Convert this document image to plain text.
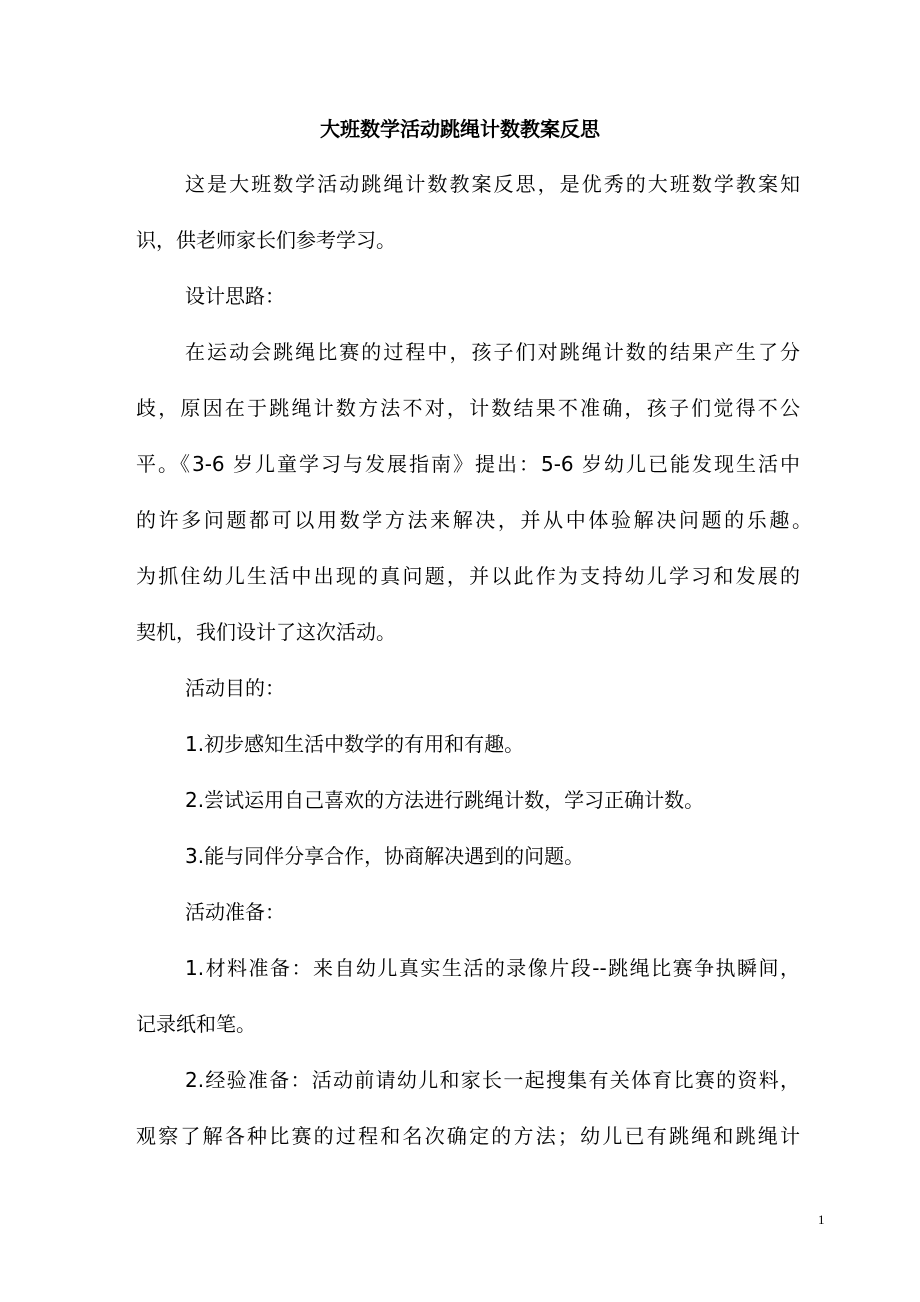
大班数学活动跳绳计数教案反思
这是大班数学活动跳绳计数教案反思，是优秀的大班数学教案知
识，供老师家长们参考学习。
设计思路：
在运动会跳绳比赛的过程中，孩子们对跳绳计数的结果产生了分
歧，原因在于跳绳计数方法不对，计数结果不准确，孩子们觉得不公
平。《3-6 岁儿童学习与发展指南》提出：5-6 岁幼儿已能发现生活中
的许多问题都可以用数学方法来解决，并从中体验解决问题的乐趣。
为抓住幼儿生活中出现的真问题，并以此作为支持幼儿学习和发展的
契机，我们设计了这次活动。
活动目的：
1.初步感知生活中数学的有用和有趣。
2.尝试运用自己喜欢的方法进行跳绳计数，学习正确计数。
3.能与同伴分享合作，协商解决遇到的问题。
活动准备：
1.材料准备：来自幼儿真实生活的录像片段--跳绳比赛争执瞬间，
记录纸和笔。
2.经验准备：活动前请幼儿和家长一起搜集有关体育比赛的资料，
观察了解各种比赛的过程和名次确定的方法；幼儿已有跳绳和跳绳计
1
